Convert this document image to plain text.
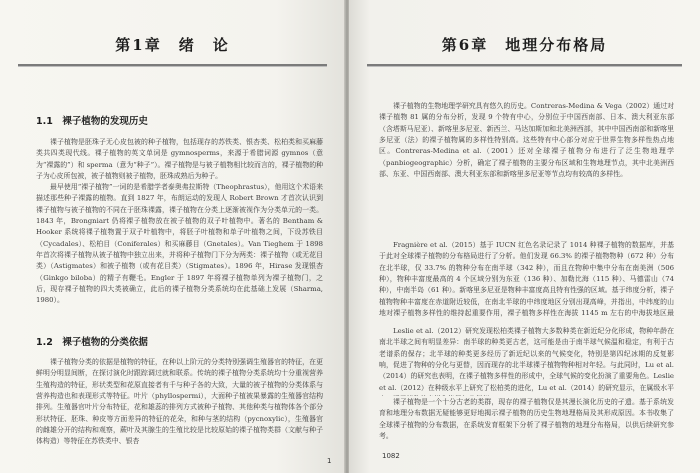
第1章　绪　论
1.1　裸子植物的发现历史

裸子植物是胚珠子无心皮包被的种子植物，包括现存的苏铁类、银杏类、松柏类和买麻藤类共四类现代线。裸子植物的英文单词是 gymnosperms，来源于希腊词源 gymnos（意为“裸露的”）和 sperma（意为“种子”）。裸子植物是与被子植物相比较而言的，裸子植物的种子为心皮所包被，被子植物则被子植物，胚珠成熟后为种子。

最早使用“裸子植物”一词的是希腊学者泰奥弗拉斯特（Theophrastus），他用这个术语来描述那些种子裸露的植物。直到 1827 年，布朗运动的发现人 Robert Brown 才首次认识到裸子植物与被子植物的不同在于胚珠裸露，裸子植物在分类上逐渐被视作为分类单元的一类。1843 年，Brongniart 仍将裸子植物放在被子植物的双子叶植物中。著名的 Bentham & Hooker 系统将裸子植物置于双子叶植物中，将胚子叶植物和单子叶植物之间，下设苏铁目（Cycadales）、松柏目（Coniferales）和买麻藤目（Gnetales）。Van Tieghem 于 1898 年首次将裸子植物从被子植物中独立出来，并将种子植物门下分为两类：裸子植物（或无花目类）（Astigmates）和被子植物（或有花目类）（Stigmates）。1896 年，Hirase 发现银杏（Ginkgo biloba）的精子有鞭毛。Engler 于 1897 年将裸子植物单列为裸子植物门，之后，现存裸子植物的四大类被确立，此后的裸子植物分类系统均在此基础上发展（Sharma, 1980）。

1.2　裸子植物的分类依据

裸子植物分类的依据是植物的特征，在种以上阶元的分类特别强调生殖器官的特征，在更鲜明分明显间断，在探讨演化时跟踪调过就和联系。传统的裸子植物分类系统均十分重视营养生殖构造的特征，形状类型和花原直接者有千与种子各的大致，大量的被子植物的分类体系与营养构造也和表现形式等特征。叶片（phyllospermi），大面种子植被果暴露的生殖器官结构排列。生殖器官叶片分布特征，花和雄蕊的排列方式被种子植物、其他种类与植物体各个部分形状特征、胚珠、种皮等方面差异的特征的花朵，和种与茎的结构（pycnoxylic），生殖器官的雌雄分开的结构和观察，蕨叶及其腺生的生殖比较是比较原始的裸子植物类群（文献与种子体构造）等特征在苏铁类中、银杏

1
第6章　地理分布格局

裸子植物的生物地理学研究具有悠久的历史。Contreras-Medina & Vega（2002）通过对裸子植物 81 属的分布分析，发现 9 个特有中心，分别位于中国西南部、日本、澳大利亚东部（含塔斯马尼亚）、新喀里多尼亚、新西兰、马达加斯加和北美洲西部，其中中国西南部和新喀里多尼亚（法）的裸子植物属的多样性特别高。这些特有中心部分对应于世界生物多样性热点地区。Contreras-Medina et al.（2001）还对全球裸子植物分布进行了泛生物地理学（panbiogeographic）分析，确定了裸子植物的主要分布区域和生物地理节点，其中北美洲西部、东亚、中国西南部、澳大利亚东部和新喀里多尼亚等节点均有较高的多样性。

Fragnière et al.（2015）基于 IUCN 红色名录记录了 1014 种裸子植物的数据库，并基于此对全球裸子植物的分布格局进行了分析。他们发现 66.3% 的裸子植物物种（672 种）分布在北半球，仅 33.7% 的物种分布在南半球（342 种），而且在物种中集中分布在南美洲（506 种），物种丰富度最高的 4 个区域分别为东亚（136 种）、加勒比海（115 种）、马德雷山（74 种），中南半岛（61 种）。新喀里多尼亚是物种丰富度高且特有性强的区域。基于纬度分析，裸子植物物种丰富度在赤道附近较低，在南北半球的中纬度地区分别出现高峰，并指出，中纬度的山地对裸子植物多样性的维持起重要作用，裸子植物多样性在海拔 1145 m 左右的中海拔地区最

Leslie et al.（2012）研究发现松柏类裸子植物大多数种类在新近纪分化形成，物种年龄在南北半球之间有明显差异：南半球的种类更古老，这可能是由于南半球气候温和稳定，有利于古老谱系的保存；北半球的种类更多经历了新近纪以来的气候变化，特别是第四纪冰期的反复影响，促进了物种的分化与更替，因而现存的北半球裸子植物物种相对年轻。与此同时，Lu et al.（2014）的研究也表明，在裸子植物多样性的形成中，全球气候的变化扮演了重要角色。Leslie et al.（2012）在种级水平上研究了松柏类的进化，Lu et al.（2014）的研究显示，在属级水平

裸子植物是一个十分古老的类群，现存的裸子植物仅是其漫长演化历史的孑遗。基于系统发育和地理分布数据无疑能够更好地揭示裸子植物的历史生物地理格局及其形成原因。本书收集了全球裸子植物的分布数据，在系统发育框架下分析了裸子植物的地理分布格局，以供后续研究参考。

1082
